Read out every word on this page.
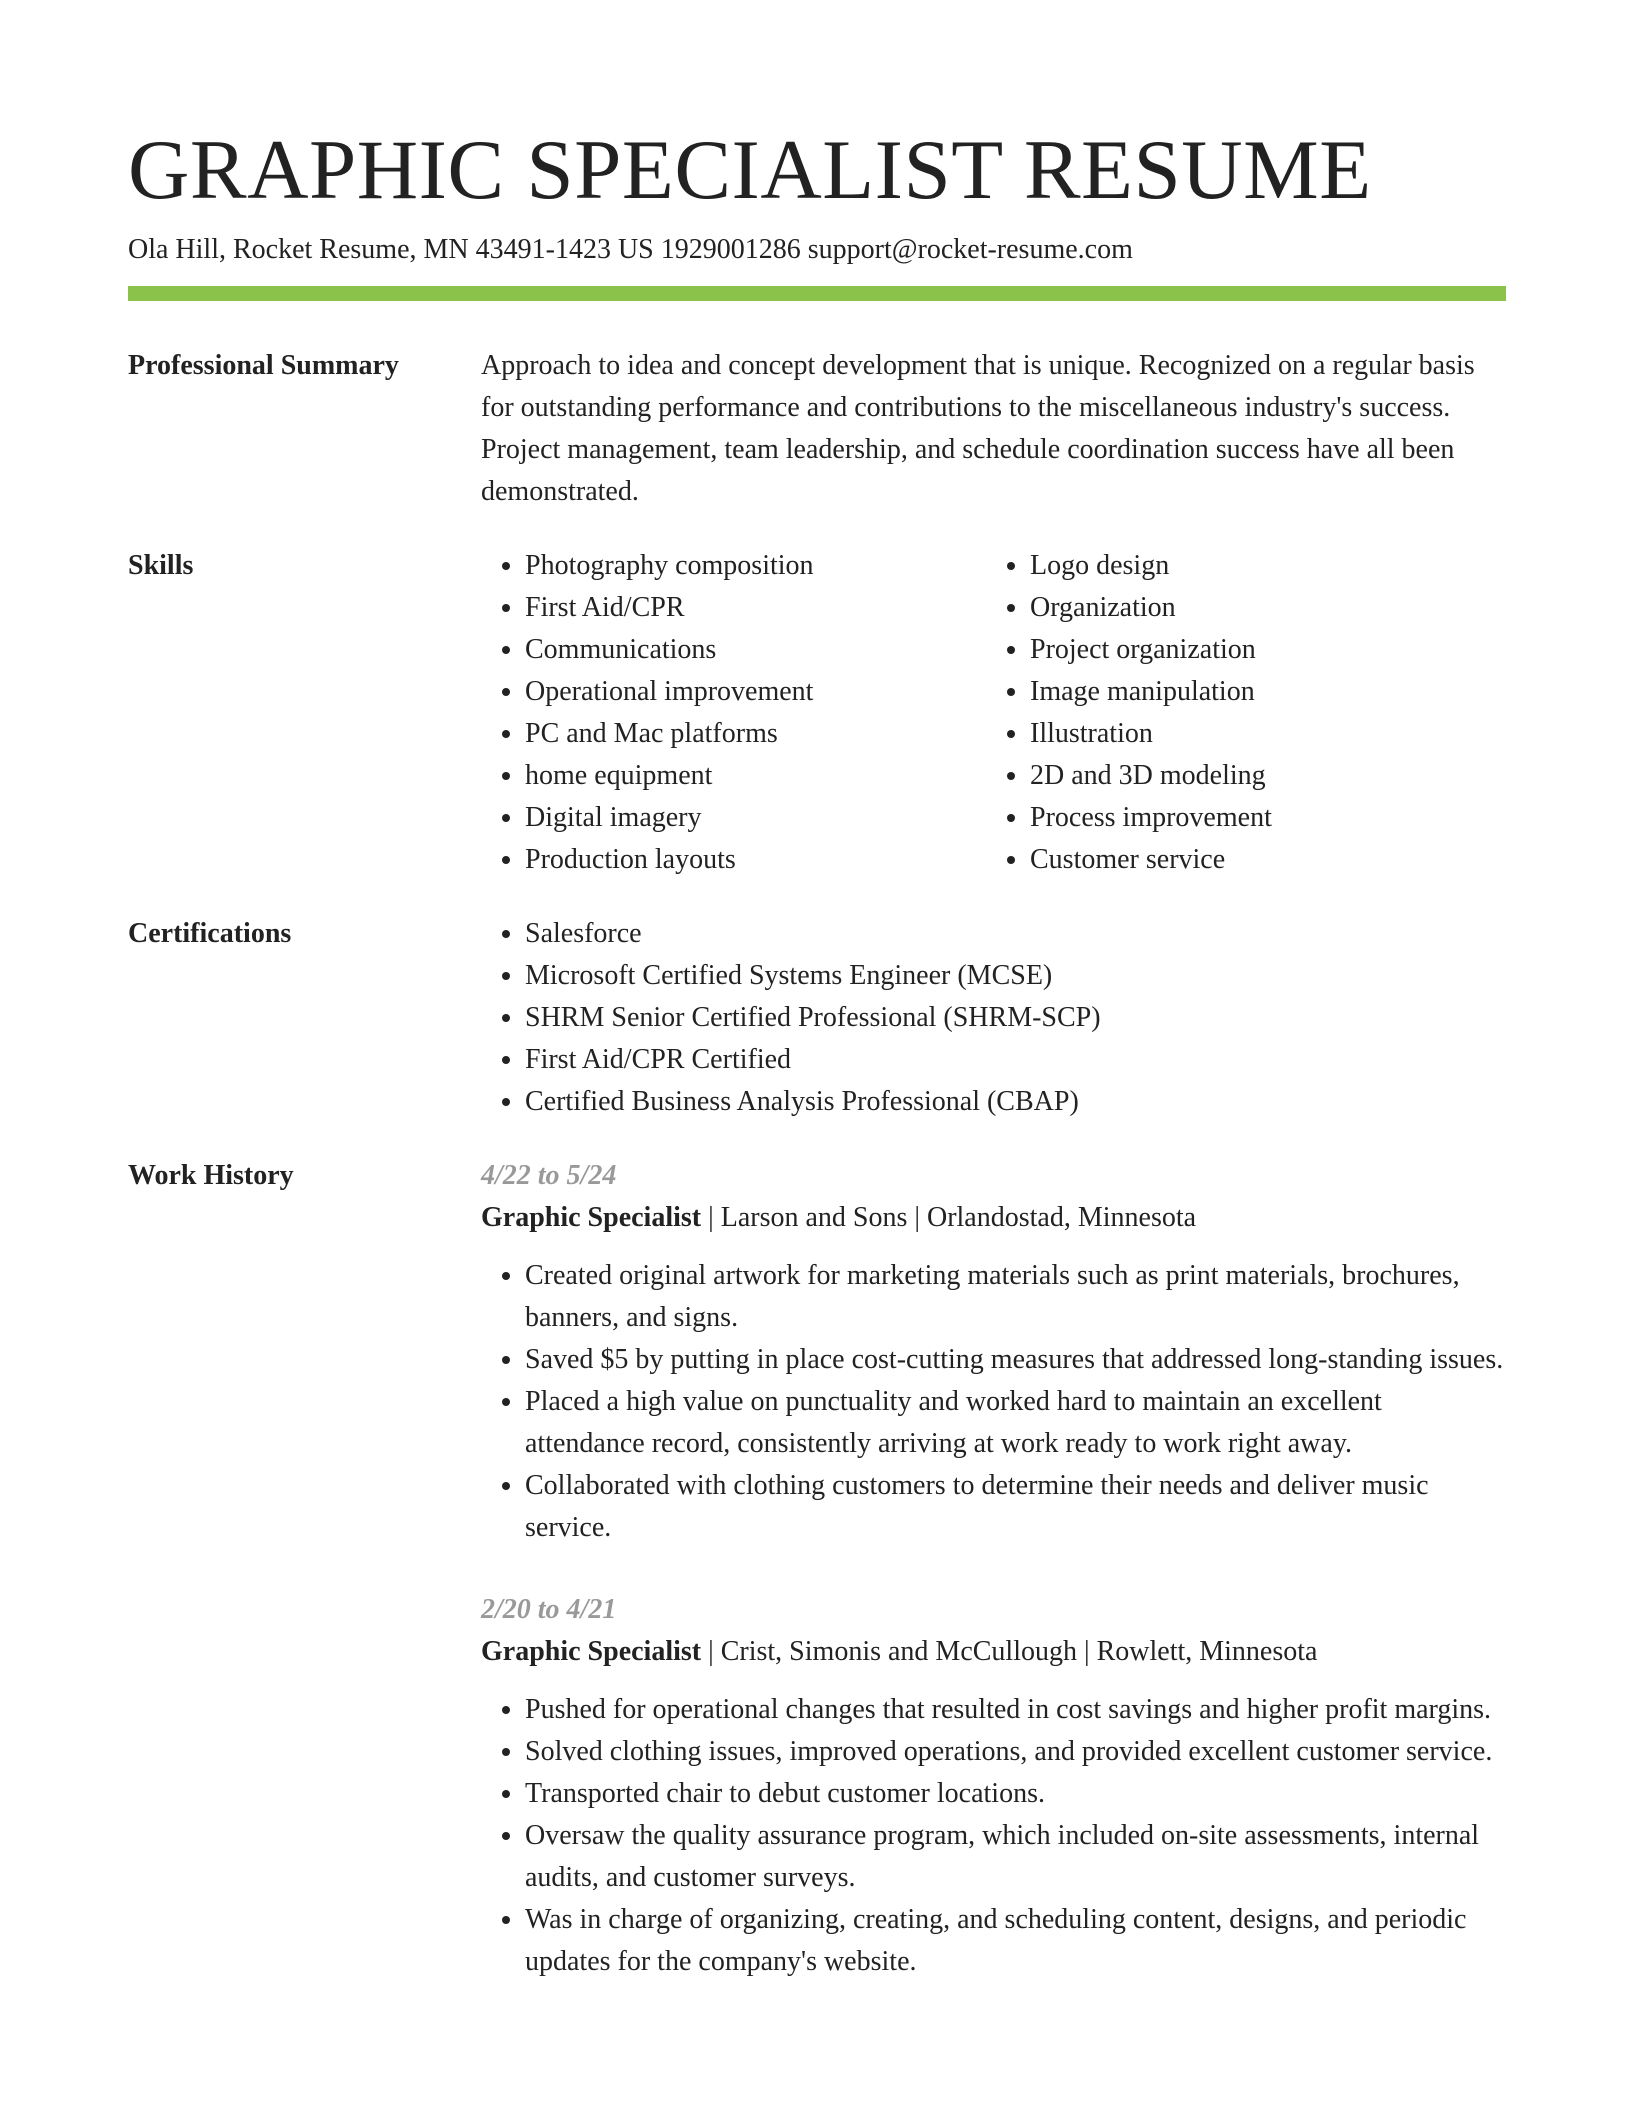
GRAPHIC SPECIALIST RESUME
Ola Hill, Rocket Resume, MN 43491-1423 US 1929001286 support@rocket-resume.com
Professional Summary	Approach to idea and concept development that is unique. Recognized on a regular basis for outstanding performance and contributions to the miscellaneous industry's success. Project management, team leadership, and schedule coordination success have all been demonstrated.

Skills	• Photography composition
• First Aid/CPR
• Communications
• Operational improvement
• PC and Mac platforms
• home equipment
• Digital imagery
• Production layouts
• Logo design
• Organization
• Project organization
• Image manipulation
• Illustration
• 2D and 3D modeling
• Process improvement
• Customer service
Certifications	• Salesforce
• Microsoft Certified Systems Engineer (MCSE)
• SHRM Senior Certified Professional (SHRM-SCP)
• First Aid/CPR Certified
• Certified Business Analysis Professional (CBAP)
Work History	4/22 to 5/24
Graphic Specialist | Larson and Sons | Orlandostad, Minnesota
• Created original artwork for marketing materials such as print materials, brochures, banners, and signs.
• Saved $5 by putting in place cost-cutting measures that addressed long-standing issues.
• Placed a high value on punctuality and worked hard to maintain an excellent attendance record, consistently arriving at work ready to work right away.
• Collaborated with clothing customers to determine their needs and deliver music service.
2/20 to 4/21
Graphic Specialist | Crist, Simonis and McCullough | Rowlett, Minnesota
• Pushed for operational changes that resulted in cost savings and higher profit margins.
• Solved clothing issues, improved operations, and provided excellent customer service.
• Transported chair to debut customer locations.
• Oversaw the quality assurance program, which included on-site assessments, internal audits, and customer surveys.
• Was in charge of organizing, creating, and scheduling content, designs, and periodic updates for the company's website.
